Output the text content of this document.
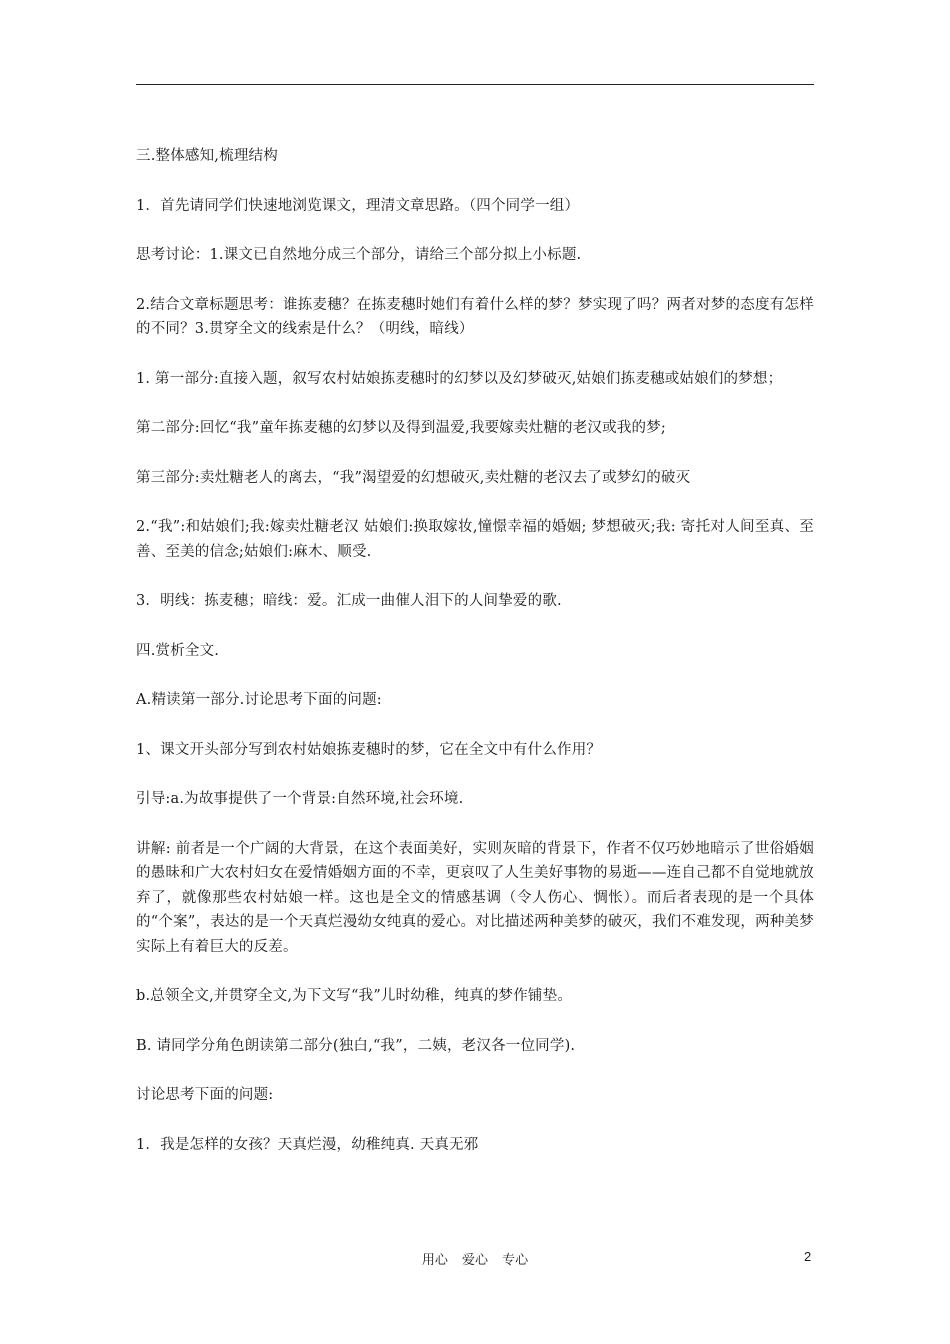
三.整体感知,梳理结构

1．首先请同学们快速地浏览课文，理清文章思路。（四个同学一组）

思考讨论：1.课文已自然地分成三个部分，请给三个部分拟上小标题.

2.结合文章标题思考：谁拣麦穗？在拣麦穗时她们有着什么样的梦？梦实现了吗？两者对梦的态度有怎样的不同？3.贯穿全文的线索是什么？（明线，暗线）

1. 第一部分:直接入题，叙写农村姑娘拣麦穗时的幻梦以及幻梦破灭,姑娘们拣麦穗或姑娘们的梦想；

第二部分:回忆“我”童年拣麦穗的幻梦以及得到温爱,我要嫁卖灶糖的老汉或我的梦;

第三部分:卖灶糖老人的离去，“我”渴望爱的幻想破灭,卖灶糖的老汉去了或梦幻的破灭

2.“我”:和姑娘们;我:嫁卖灶糖老汉 姑娘们:换取嫁妆,憧憬幸福的婚姻; 梦想破灭;我: 寄托对人间至真、至善、至美的信念;姑娘们:麻木、顺受.

3．明线：拣麦穗；暗线：爱。汇成一曲催人泪下的人间挚爱的歌.

四.赏析全文.

A.精读第一部分.讨论思考下面的问题:

1、课文开头部分写到农村姑娘拣麦穗时的梦，它在全文中有什么作用？

引导:a.为故事提供了一个背景:自然环境,社会环境.

讲解: 前者是一个广阔的大背景，在这个表面美好，实则灰暗的背景下，作者不仅巧妙地暗示了世俗婚姻的愚昧和广大农村妇女在爱情婚姻方面的不幸，更哀叹了人生美好事物的易逝——连自己都不自觉地就放弃了，就像那些农村姑娘一样。这也是全文的情感基调（令人伤心、惆怅）。而后者表现的是一个具体的“个案”，表达的是一个天真烂漫幼女纯真的爱心。对比描述两种美梦的破灭，我们不难发现，两种美梦实际上有着巨大的反差。

b.总领全文,并贯穿全文,为下文写“我”儿时幼稚，纯真的梦作铺垫。

B. 请同学分角色朗读第二部分(独白,“我”，二姨，老汉各一位同学).

讨论思考下面的问题:

1．我是怎样的女孩？天真烂漫，幼稚纯真. 天真无邪

用心 爱心 专心	2
